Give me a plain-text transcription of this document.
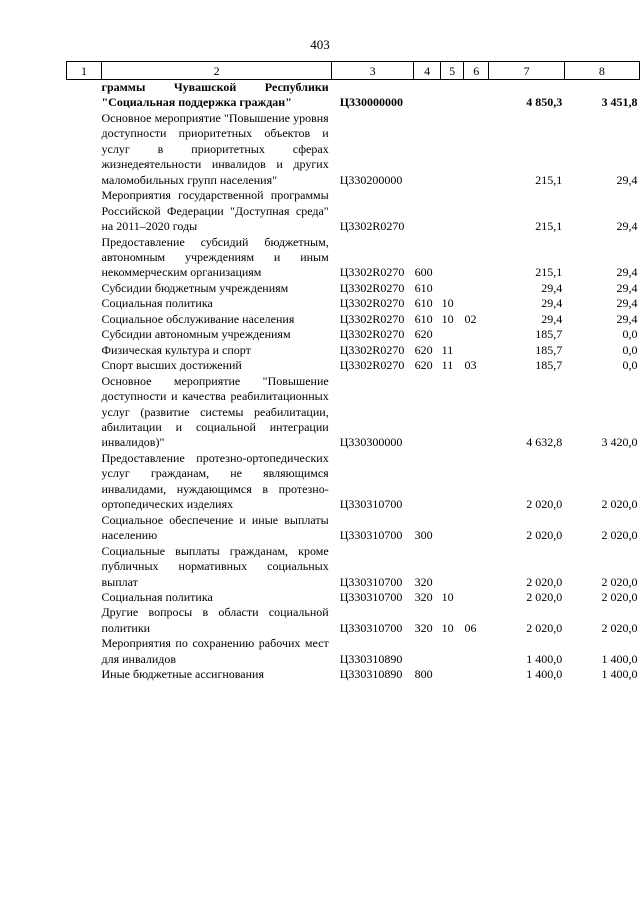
403
1	2	3	4	5	6	7	8
граммы Чувашской Республики "Социальная поддержка граждан"		Ц330000000				4 850,3	3 451,8
Основное мероприятие "Повышение уровня доступности приоритетных объектов и услуг в приоритетных сферах жизнедеятельности инвалидов и других маломобильных групп населения"		Ц330200000				215,1	29,4
Мероприятия государственной программы Российской Федерации "Доступная среда" на 2011–2020 годы		Ц3302R0270				215,1	29,4
Предоставление субсидий бюджетным, автономным учреждениям и иным некоммерческим организациям		Ц3302R0270	600			215,1	29,4
Субсидии бюджетным учреждениям		Ц3302R0270	610			29,4	29,4
Социальная политика		Ц3302R0270	610	10		29,4	29,4
Социальное обслуживание населения		Ц3302R0270	610	10	02	29,4	29,4
Субсидии автономным учреждениям		Ц3302R0270	620			185,7	0,0
Физическая культура и спорт		Ц3302R0270	620	11		185,7	0,0
Спорт высших достижений		Ц3302R0270	620	11	03	185,7	0,0
Основное мероприятие "Повышение доступности и качества реабилитационных услуг (развитие системы реабилитации, абилитации и социальной интеграции инвалидов)"		Ц330300000				4 632,8	3 420,0
Предоставление протезно-ортопедических услуг гражданам, не являющимся инвалидами, нуждающимся в протезно-ортопедических изделиях		Ц330310700				2 020,0	2 020,0
Социальное обеспечение и иные выплаты населению		Ц330310700	300			2 020,0	2 020,0
Социальные выплаты гражданам, кроме публичных нормативных социальных выплат		Ц330310700	320			2 020,0	2 020,0
Социальная политика		Ц330310700	320	10		2 020,0	2 020,0
Другие вопросы в области социальной политики		Ц330310700	320	10	06	2 020,0	2 020,0
Мероприятия по сохранению рабочих мест для инвалидов		Ц330310890				1 400,0	1 400,0
Иные бюджетные ассигнования		Ц330310890	800			1 400,0	1 400,0
